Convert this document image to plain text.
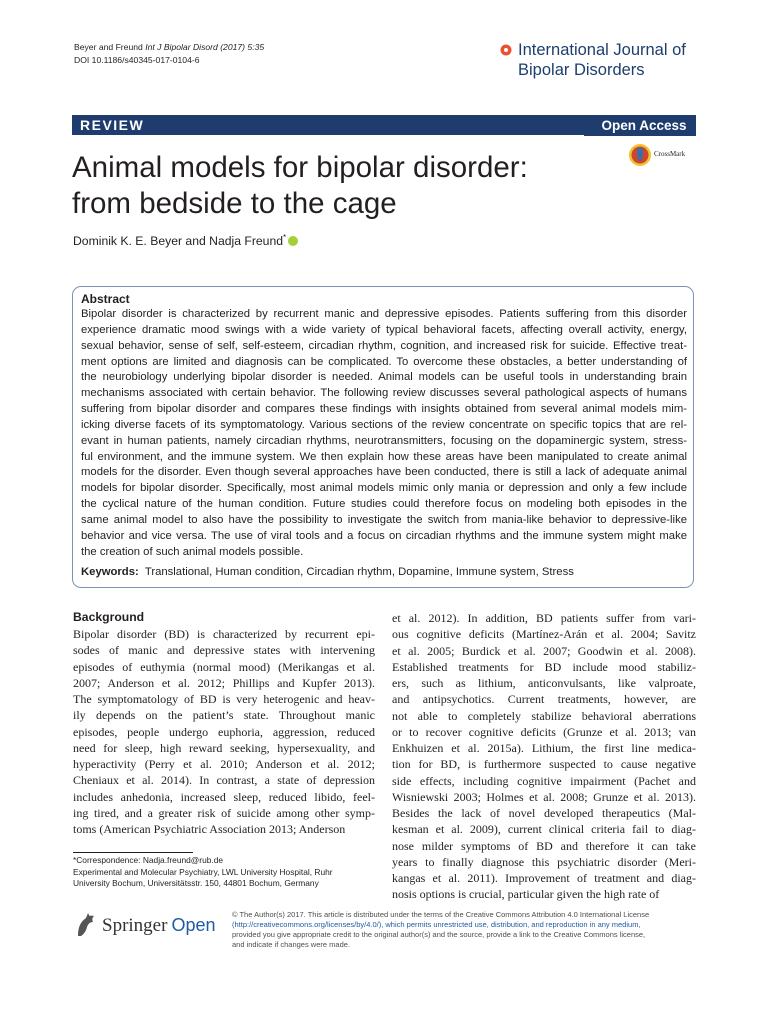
Beyer and Freund Int J Bipolar Disord (2017) 5:35
DOI 10.1186/s40345-017-0104-6
International Journal of
Bipolar Disorders
REVIEW	Open Access
CrossMark
Animal models for bipolar disorder:
from bedside to the cage
Dominik K. E. Beyer and Nadja Freund*
Abstract

Bipolar disorder is characterized by recurrent manic and depressive episodes. Patients suffering from this disorder

experience dramatic mood swings with a wide variety of typical behavioral facets, affecting overall activity, energy,

sexual behavior, sense of self, self-esteem, circadian rhythm, cognition, and increased risk for suicide. Effective treat-

ment options are limited and diagnosis can be complicated. To overcome these obstacles, a better understanding of

the neurobiology underlying bipolar disorder is needed. Animal models can be useful tools in understanding brain

mechanisms associated with certain behavior. The following review discusses several pathological aspects of humans

suffering from bipolar disorder and compares these findings with insights obtained from several animal models mim-

icking diverse facets of its symptomatology. Various sections of the review concentrate on specific topics that are rel-

evant in human patients, namely circadian rhythms, neurotransmitters, focusing on the dopaminergic system, stress-

ful environment, and the immune system. We then explain how these areas have been manipulated to create animal

models for the disorder. Even though several approaches have been conducted, there is still a lack of adequate animal

models for bipolar disorder. Specifically, most animal models mimic only mania or depression and only a few include

the cyclical nature of the human condition. Future studies could therefore focus on modeling both episodes in the

same animal model to also have the possibility to investigate the switch from mania-like behavior to depressive-like

behavior and vice versa. The use of viral tools and a focus on circadian rhythms and the immune system might make

the creation of such animal models possible.

Keywords: Translational, Human condition, Circadian rhythm, Dopamine, Immune system, Stress
Background
Bipolar disorder (BD) is characterized by recurrent epi-
sodes of manic and depressive states with intervening
episodes of euthymia (normal mood) (Merikangas et al.
2007; Anderson et al. 2012; Phillips and Kupfer 2013).
The symptomatology of BD is very heterogenic and heav-
ily depends on the patient’s state. Throughout manic
episodes, people undergo euphoria, aggression, reduced
need for sleep, high reward seeking, hypersexuality, and
hyperactivity (Perry et al. 2010; Anderson et al. 2012;
Cheniaux et al. 2014). In contrast, a state of depression
includes anhedonia, increased sleep, reduced libido, feel-
ing tired, and a greater risk of suicide among other symp-
toms (American Psychiatric Association 2013; Anderson
et al. 2012). In addition, BD patients suffer from vari-
ous cognitive deficits (Martínez-Arán et al. 2004; Savitz
et al. 2005; Burdick et al. 2007; Goodwin et al. 2008).
Established treatments for BD include mood stabiliz-
ers, such as lithium, anticonvulsants, like valproate,
and antipsychotics. Current treatments, however, are
not able to completely stabilize behavioral aberrations
or to recover cognitive deficits (Grunze et al. 2013; van
Enkhuizen et al. 2015a). Lithium, the first line medica-
tion for BD, is furthermore suspected to cause negative
side effects, including cognitive impairment (Pachet and
Wisniewski 2003; Holmes et al. 2008; Grunze et al. 2013).
Besides the lack of novel developed therapeutics (Mal-
kesman et al. 2009), current clinical criteria fail to diag-
nose milder symptoms of BD and therefore it can take
years to finally diagnose this psychiatric disorder (Meri-
kangas et al. 2011). Improvement of treatment and diag-
nosis options is crucial, particular given the high rate of
*Correspondence: Nadja.freund@rub.de
Experimental and Molecular Psychiatry, LWL University Hospital, Ruhr
University Bochum, Universitätsstr. 150, 44801 Bochum, Germany
Springer Open
© The Author(s) 2017. This article is distributed under the terms of the Creative Commons Attribution 4.0 International License
(http://creativecommons.org/licenses/by/4.0/), which permits unrestricted use, distribution, and reproduction in any medium,
provided you give appropriate credit to the original author(s) and the source, provide a link to the Creative Commons license,
and indicate if changes were made.
